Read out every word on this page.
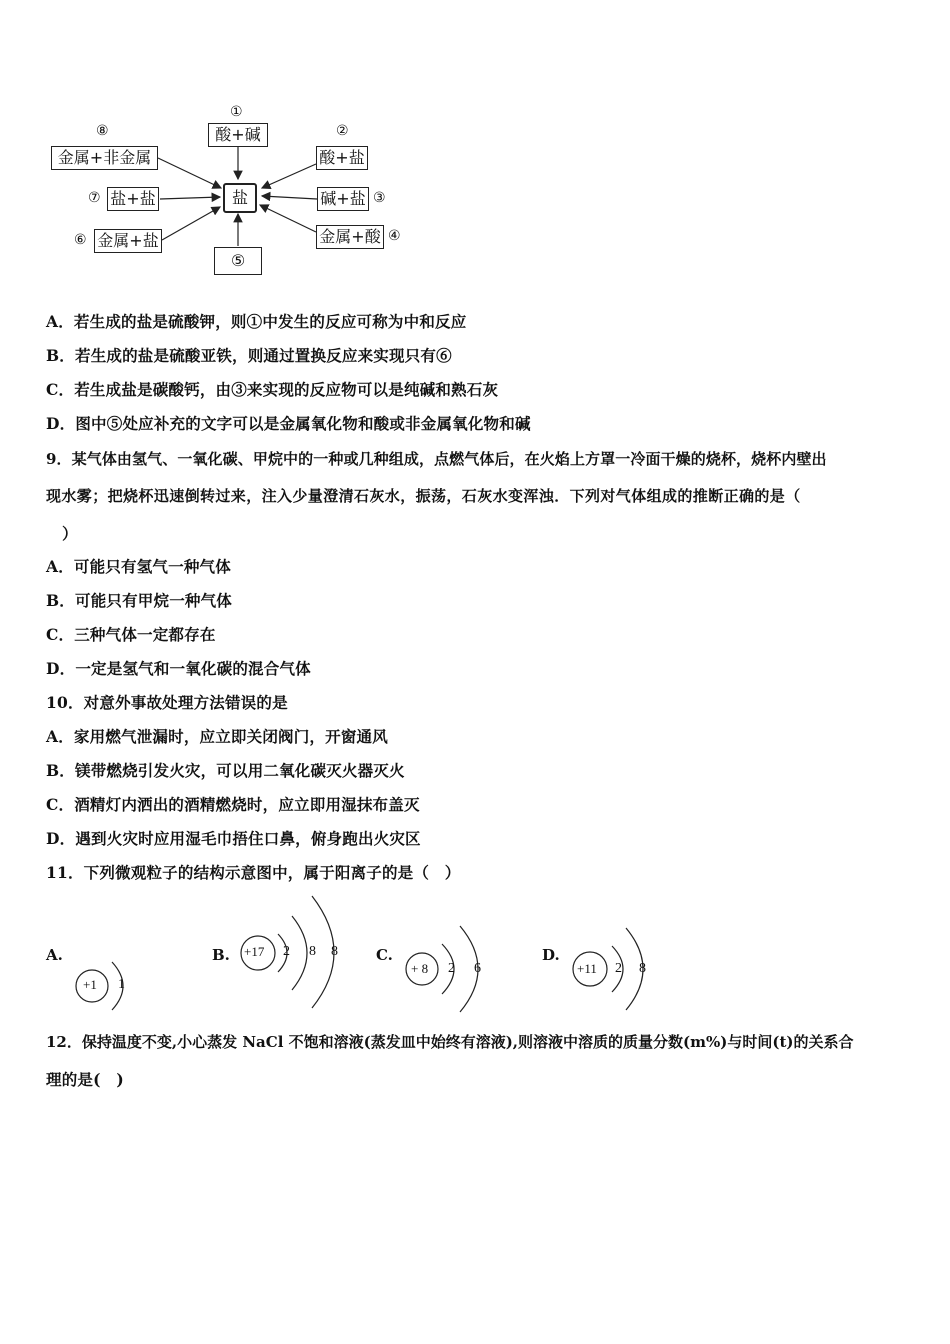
盐
①
酸+碱	②
酸+盐
碱+盐 ③
金属+酸 ④
⑤
⑥ 金属+盐
⑦ 盐+盐
⑧
金属+非金属
A．若生成的盐是硫酸钾，则①中发生的反应可称为中和反应
B．若生成的盐是硫酸亚铁，则通过置换反应来实现只有⑥
C．若生成盐是碳酸钙，由③来实现的反应物可以是纯碱和熟石灰
D．图中⑤处应补充的文字可以是金属氧化物和酸或非金属氧化物和碱
9．某气体由氢气、一氧化碳、甲烷中的一种或几种组成，点燃气体后，在火焰上方罩一冷面干燥的烧杯，烧杯内壁出
现水雾；把烧杯迅速倒转过来，注入少量澄清石灰水，振荡，石灰水变浑浊．下列对气体组成的推断正确的是（
）
A．可能只有氢气一种气体
B．可能只有甲烷一种气体
C．三种气体一定都存在
D．一定是氢气和一氧化碳的混合气体
10．对意外事故处理方法错误的是
A．家用燃气泄漏时，应立即关闭阀门，开窗通风
B．镁带燃烧引发火灾，可以用二氧化碳灭火器灭火
C．酒精灯内洒出的酒精燃烧时，应立即用湿抹布盖灭
D．遇到火灾时应用湿毛巾捂住口鼻，俯身跑出火灾区
11．下列微观粒子的结构示意图中，属于阳离子的是（　）
A.
+1 1
B. +17 2 8 8	C.
+ 8 2 6
D.
+11 2 8
12．保持温度不变,小心蒸发 NaCl 不饱和溶液(蒸发皿中始终有溶液),则溶液中溶质的质量分数(m%)与时间(t)的关系合
理的是(　)
